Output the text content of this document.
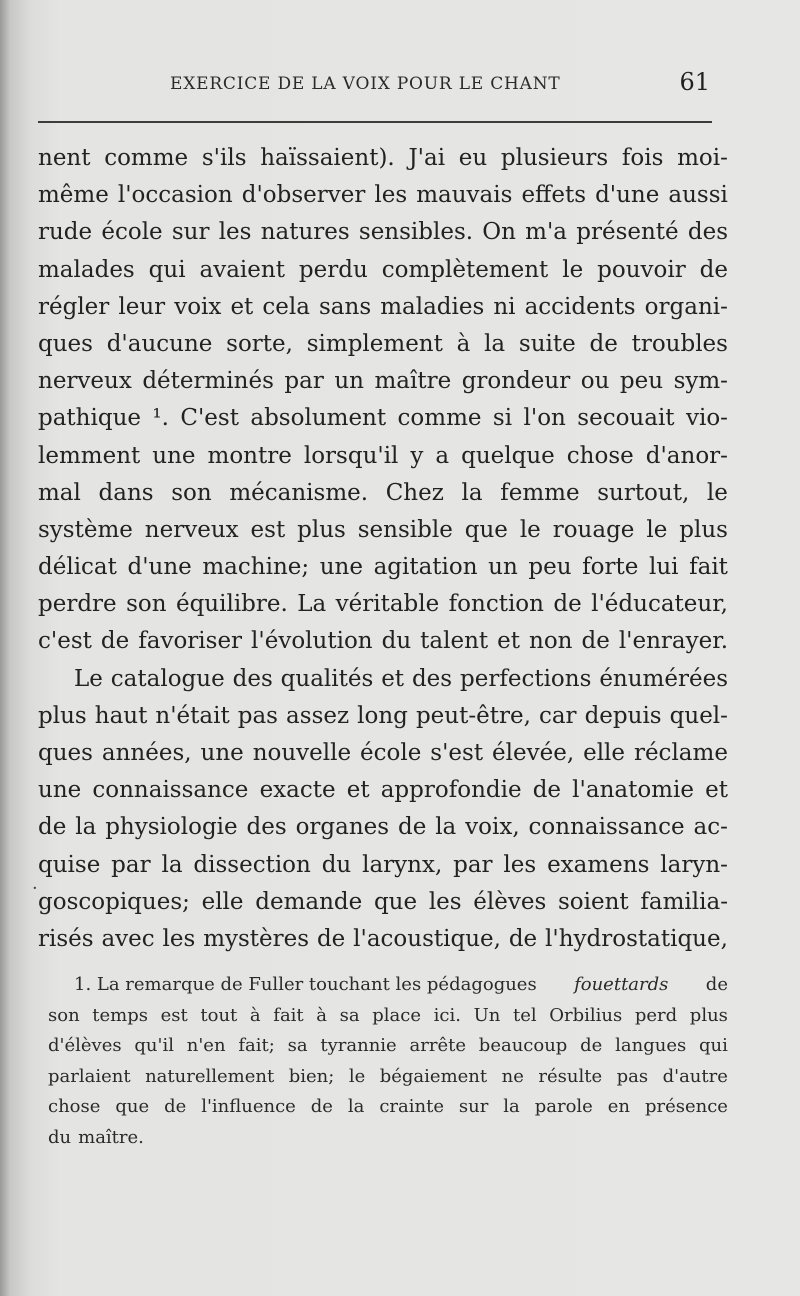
EXERCICE DE LA VOIX POUR LE CHANT	61
nent comme s'ils haïssaient). J'ai eu plusieurs fois moi-
même l'occasion d'observer les mauvais effets d'une aussi
rude école sur les natures sensibles. On m'a présenté des
malades qui avaient perdu complètement le pouvoir de
régler leur voix et cela sans maladies ni accidents organi-
ques d'aucune sorte, simplement à la suite de troubles
nerveux déterminés par un maître grondeur ou peu sym-
pathique ¹. C'est absolument comme si l'on secouait vio-
lemment une montre lorsqu'il y a quelque chose d'anor-
mal dans son mécanisme. Chez la femme surtout, le
système nerveux est plus sensible que le rouage le plus
délicat d'une machine; une agitation un peu forte lui fait
perdre son équilibre. La véritable fonction de l'éducateur,
c'est de favoriser l'évolution du talent et non de l'enrayer.
Le catalogue des qualités et des perfections énumérées
plus haut n'était pas assez long peut-être, car depuis quel-
ques années, une nouvelle école s'est élevée, elle réclame
une connaissance exacte et approfondie de l'anatomie et
de la physiologie des organes de la voix, connaissance ac-
quise par la dissection du larynx, par les examens laryn-
goscopiques; elle demande que les élèves soient familia-
risés avec les mystères de l'acoustique, de l'hydrostatique,
·
1. La remarque de Fuller touchant les pédagogues fouettards de
son temps est tout à fait à sa place ici. Un tel Orbilius perd plus
d'élèves qu'il n'en fait; sa tyrannie arrête beaucoup de langues qui
parlaient naturellement bien; le bégaiement ne résulte pas d'autre
chose que de l'influence de la crainte sur la parole en présence
du maître.
